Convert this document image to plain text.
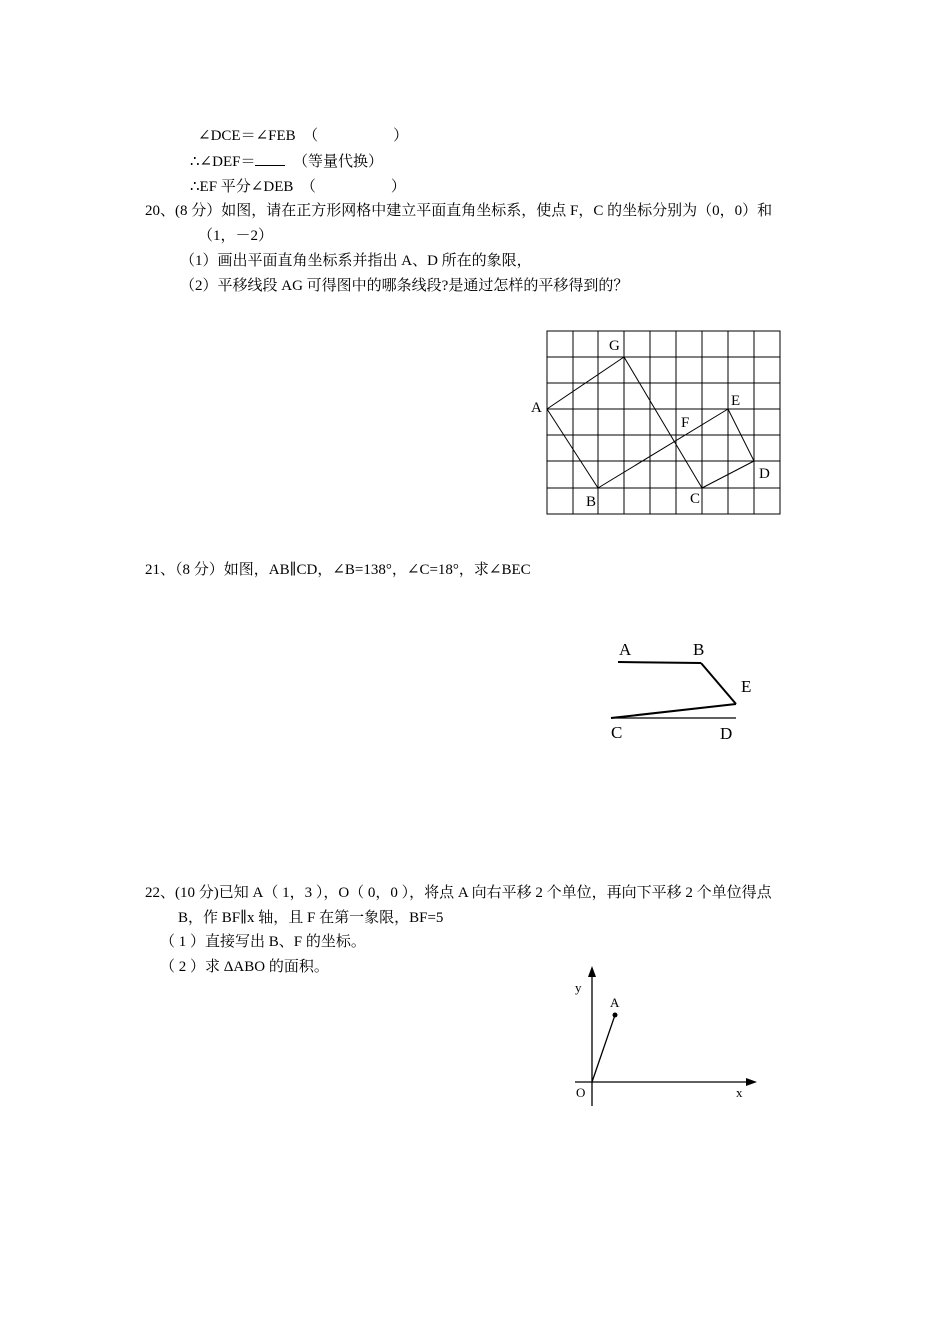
∠DCE＝∠FEB　（　　　　　）
∴∠DEF＝　	（等量代换）
∴EF 平分∠DEB　（　　　　　）
20、(8 分）如图，请在正方形网格中建立平面直角坐标系，使点 F，C 的坐标分别为（0，0）和
（1，－2）
（1）画出平面直角坐标系并指出 A、D 所在的象限，
（2）平移线段 AG 可得图中的哪条线段?是通过怎样的平移得到的？
G
A	E
F
D
B	C
21、（8 分）如图，AB∥CD，∠B=138°，∠C=18°，求∠BEC
A	B
E
C	D
22、(10 分)已知 A（ 1，3 ），O（ 0，0 ），将点 A 向右平移 2 个单位，再向下平移 2 个单位得点
B，作 BF∥x 轴，且 F 在第一象限，BF=5
（ 1 ）直接写出 B、F 的坐标。
（ 2 ）求 ΔABO 的面积。
y
A
O	x
